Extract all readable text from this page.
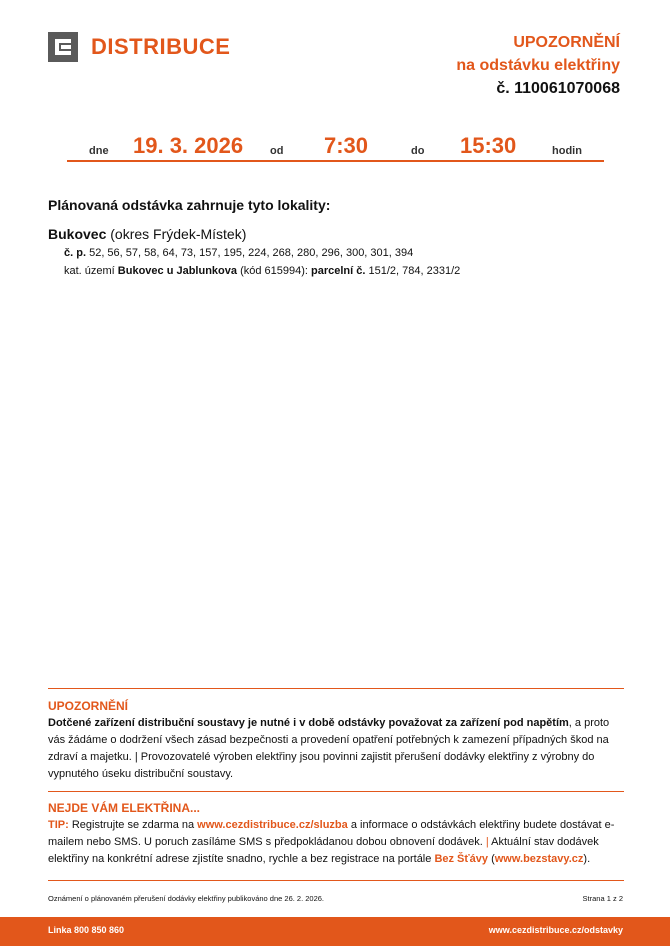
DISTRIBUCE	UPOZORNĚNÍ
na odstávku elektřiny
č. 110061070068
dne 19. 3. 2026 od 7:30	do 15:30	hodin
Plánovaná odstávka zahrnuje tyto lokality:
Bukovec (okres Frýdek-Místek)
č. p. 52, 56, 57, 58, 64, 73, 157, 195, 224, 268, 280, 296, 300, 301, 394
kat. území Bukovec u Jablunkova (kód 615994): parcelní č. 151/2, 784, 2331/2
UPOZORNĚNÍ
Dotčené zařízení distribuční soustavy je nutné i v době odstávky považovat za zařízení pod napětím, a proto vás žádáme o dodržení všech zásad bezpečnosti a provedení opatření potřebných k zamezení případných škod na zdraví a majetku. | Provozovatelé výroben elektřiny jsou povinni zajistit přerušení dodávky elektřiny z výrobny do vypnutého úseku distribuční soustavy.
NEJDE VÁM ELEKTŘINA...
TIP: Registrujte se zdarma na www.cezdistribuce.cz/sluzba a informace o odstávkách elektřiny budete dostávat e-mailem nebo SMS. U poruch zasíláme SMS s předpokládanou dobou obnovení dodávek. | Aktuální stav dodávek elektřiny na konkrétní adrese zjistíte snadno, rychle a bez registrace na portále Bez Šťávy (www.bezstavy.cz).
Oznámení o plánovaném přerušení dodávky elektřiny publikováno dne 26. 2. 2026.	Strana 1 z 2
Linka 800 850 860	www.cezdistribuce.cz/odstavky
